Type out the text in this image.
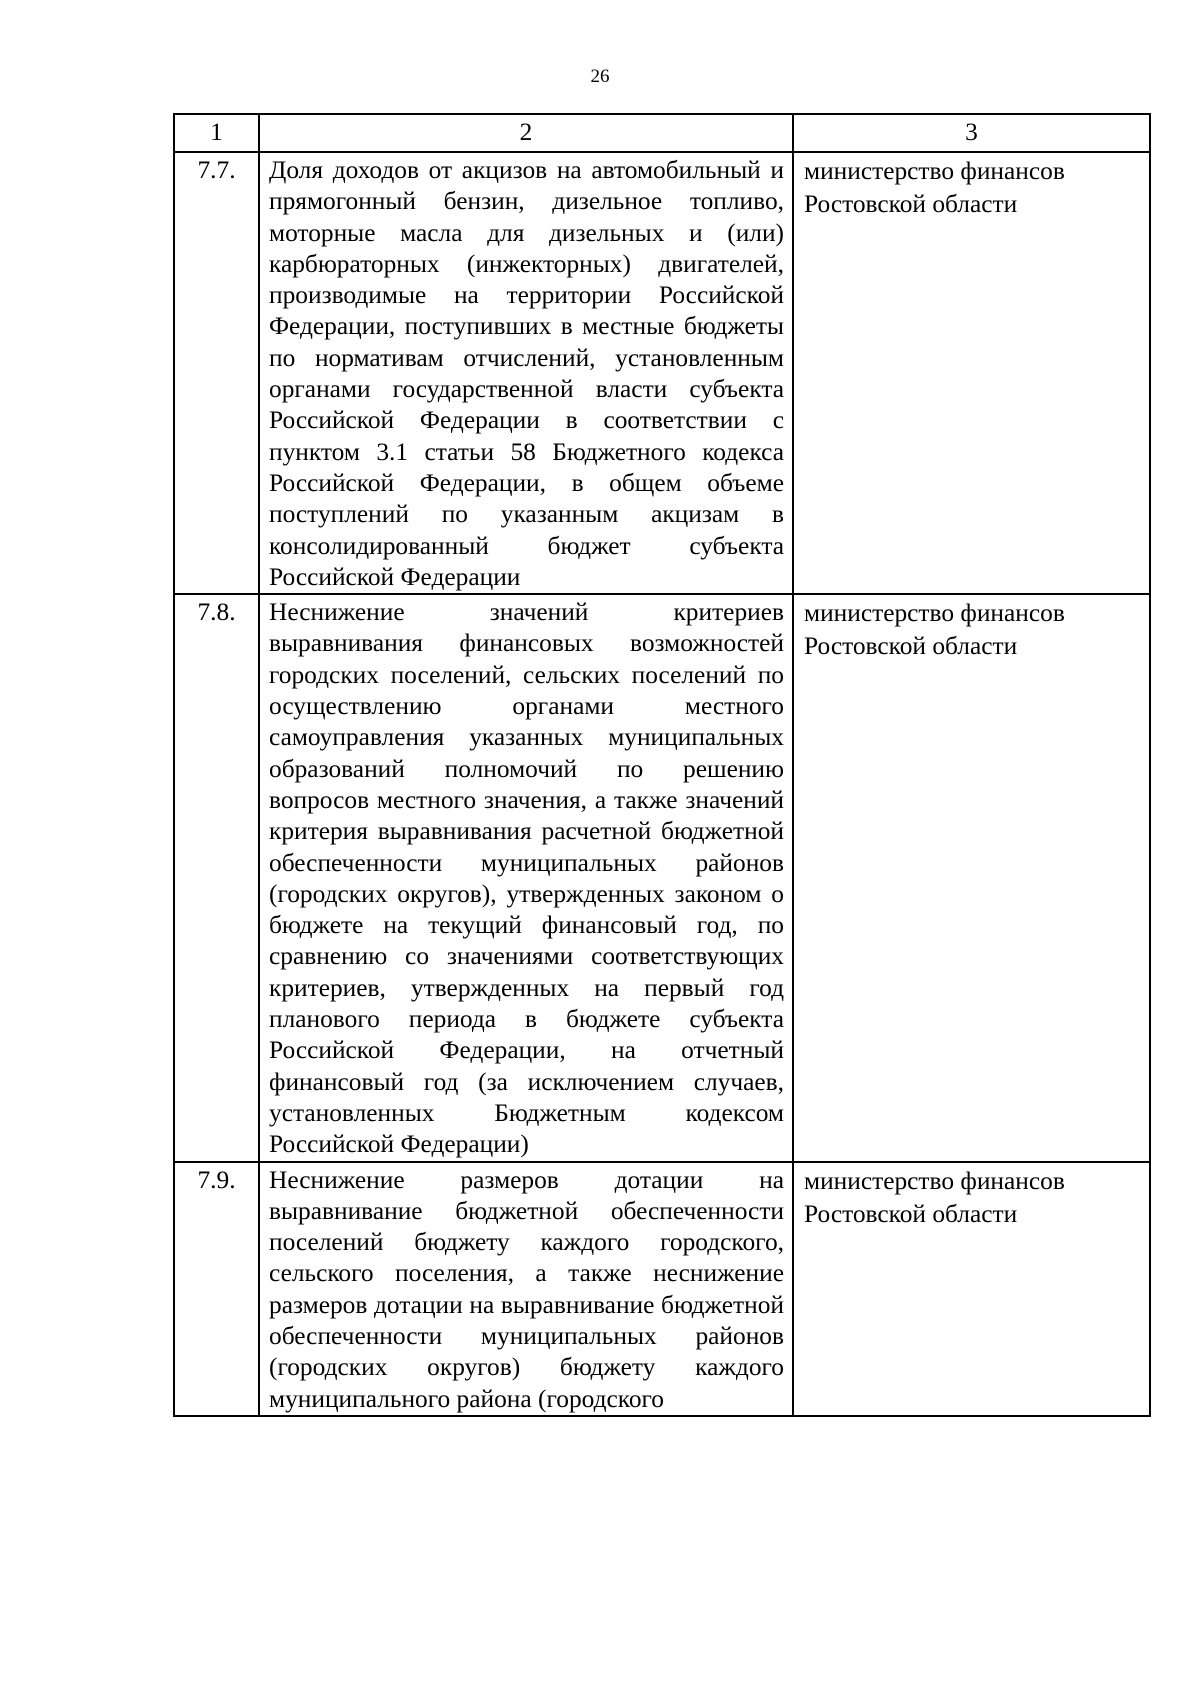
26
1	2	3
7.7.	Доля доходов от акцизов на автомобильный и прямогонный бензин, дизельное топливо, моторные масла для дизельных и (или) карбюраторных (инжекторных) двигателей, производимые на территории Российской Федерации, поступивших в местные бюджеты по нормативам отчислений, установленным органами государственной власти субъекта Российской Федерации в соответствии с пунктом 3.1 статьи 58 Бюджетного кодекса Российской Федерации, в общем объеме поступлений по указанным акцизам в консолидированный бюджет субъекта Российской Федерации	министерство финансов Ростовской области
7.8.	Неснижение значений критериев выравнивания финансовых возможностей городских поселений, сельских поселений по осуществлению органами местного самоуправления указанных муниципальных образований полномочий по решению вопросов местного значения, а также значений критерия выравнивания расчетной бюджетной обеспеченности муниципальных районов (городских округов), утвержденных законом о бюджете на текущий финансовый год, по сравнению со значениями соответствующих критериев, утвержденных на первый год планового периода в бюджете субъекта Российской Федерации, на отчетный финансовый год (за исключением случаев, установленных Бюджетным кодексом Российской Федерации)	министерство финансов Ростовской области
7.9.	Неснижение размеров дотации на выравнивание бюджетной обеспеченности поселений бюджету каждого городского, сельского поселения, а также неснижение размеров дотации на выравнивание бюджетной обеспеченности муниципальных районов (городских округов) бюджету каждого муниципального района (городского	министерство финансов Ростовской области
